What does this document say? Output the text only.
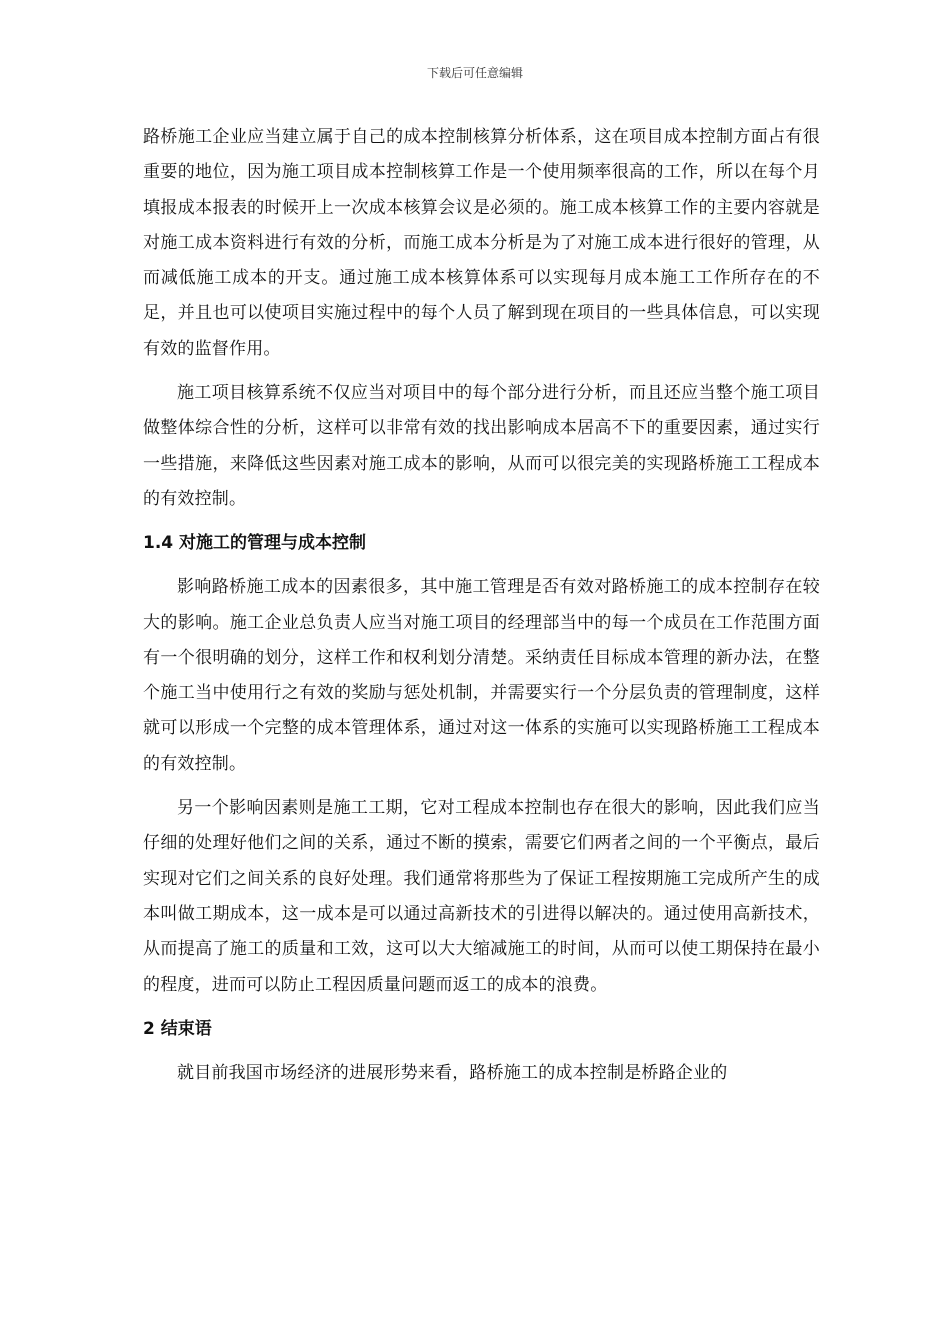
下载后可任意编辑

路桥施工企业应当建立属于自己的成本控制核算分析体系，这在项目成本控制方面占有很重要的地位，因为施工项目成本控制核算工作是一个使用频率很高的工作，所以在每个月填报成本报表的时候开上一次成本核算会议是必须的。施工成本核算工作的主要内容就是对施工成本资料进行有效的分析，而施工成本分析是为了对施工成本进行很好的管理，从而减低施工成本的开支。通过施工成本核算体系可以实现每月成本施工工作所存在的不足，并且也可以使项目实施过程中的每个人员了解到现在项目的一些具体信息，可以实现有效的监督作用。

施工项目核算系统不仅应当对项目中的每个部分进行分析，而且还应当整个施工项目做整体综合性的分析，这样可以非常有效的找出影响成本居高不下的重要因素，通过实行一些措施，来降低这些因素对施工成本的影响，从而可以很完美的实现路桥施工工程成本的有效控制。

1.4 对施工的管理与成本控制

影响路桥施工成本的因素很多，其中施工管理是否有效对路桥施工的成本控制存在较大的影响。施工企业总负责人应当对施工项目的经理部当中的每一个成员在工作范围方面有一个很明确的划分，这样工作和权利划分清楚。采纳责任目标成本管理的新办法，在整个施工当中使用行之有效的奖励与惩处机制，并需要实行一个分层负责的管理制度，这样就可以形成一个完整的成本管理体系，通过对这一体系的实施可以实现路桥施工工程成本的有效控制。

另一个影响因素则是施工工期，它对工程成本控制也存在很大的影响，因此我们应当仔细的处理好他们之间的关系，通过不断的摸索，需要它们两者之间的一个平衡点，最后实现对它们之间关系的良好处理。我们通常将那些为了保证工程按期施工完成所产生的成本叫做工期成本，这一成本是可以通过高新技术的引进得以解决的。通过使用高新技术，从而提高了施工的质量和工效，这可以大大缩减施工的时间，从而可以使工期保持在最小的程度，进而可以防止工程因质量问题而返工的成本的浪费。

2 结束语

就目前我国市场经济的进展形势来看，路桥施工的成本控制是桥路企业的
